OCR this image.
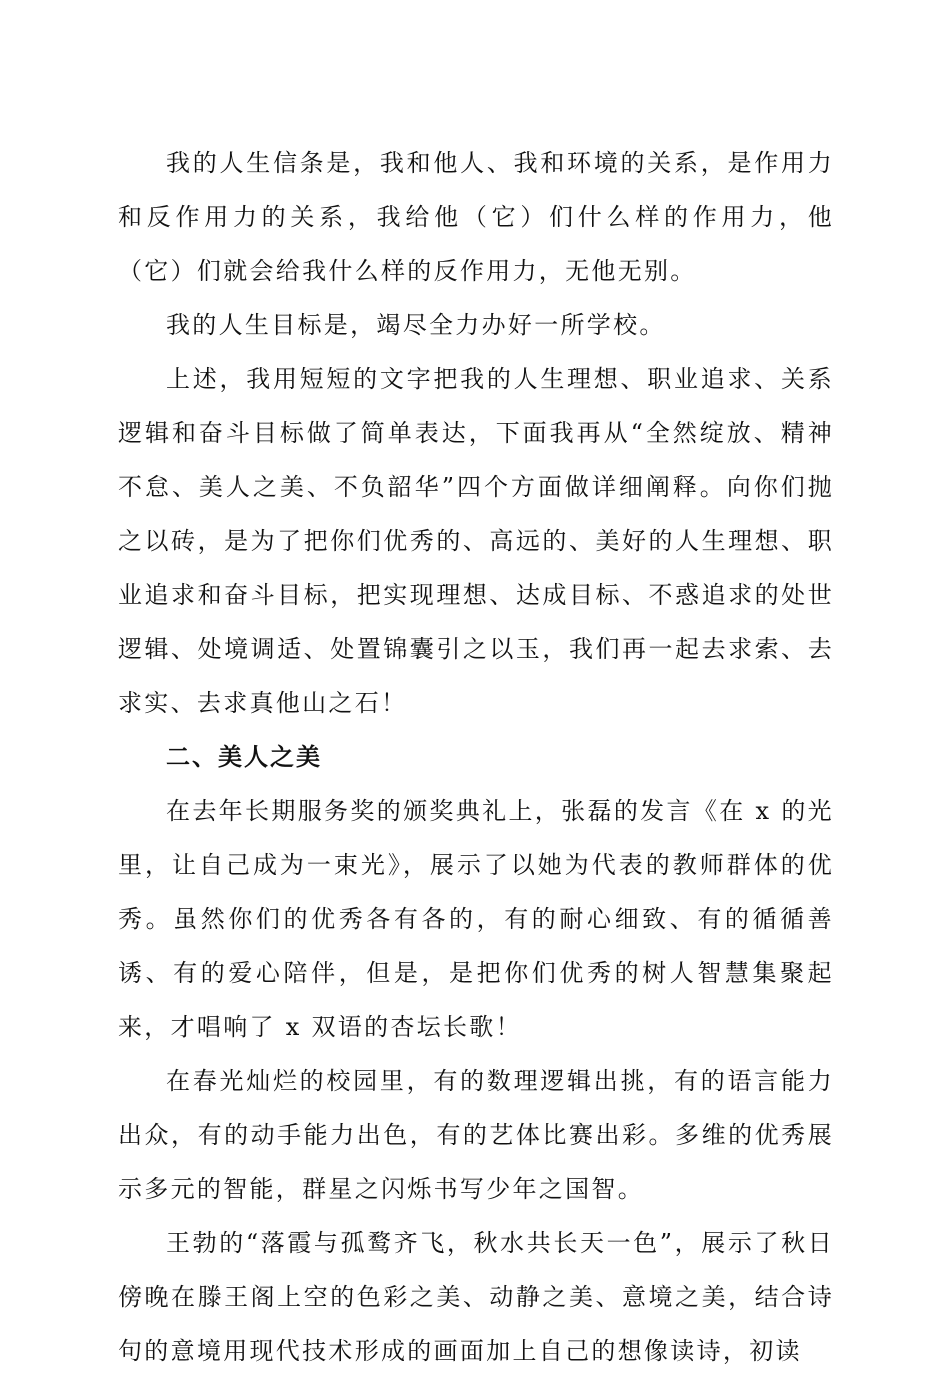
我的人生信条是，我和他人、我和环境的关系，是作用力和反作用力的关系，我给他（它）们什么样的作用力，他（它）们就会给我什么样的反作用力，无他无别。

我的人生目标是，竭尽全力办好一所学校。

上述，我用短短的文字把我的人生理想、职业追求、关系逻辑和奋斗目标做了简单表达，下面我再从“全然绽放、精神不怠、美人之美、不负韶华”四个方面做详细阐释。向你们抛之以砖，是为了把你们优秀的、高远的、美好的人生理想、职业追求和奋斗目标，把实现理想、达成目标、不惑追求的处世逻辑、处境调适、处置锦囊引之以玉，我们再一起去求索、去求实、去求真他山之石！

二、美人之美

在去年长期服务奖的颁奖典礼上，张磊的发言《在 x 的光里，让自己成为一束光》，展示了以她为代表的教师群体的优秀。虽然你们的优秀各有各的，有的耐心细致、有的循循善诱、有的爱心陪伴，但是，是把你们优秀的树人智慧集聚起来，才唱响了 x 双语的杏坛长歌！

在春光灿烂的校园里，有的数理逻辑出挑，有的语言能力出众，有的动手能力出色，有的艺体比赛出彩。多维的优秀展示多元的智能，群星之闪烁书写少年之国智。

王勃的“落霞与孤鹜齐飞，秋水共长天一色”，展示了秋日傍晚在滕王阁上空的色彩之美、动静之美、意境之美，结合诗句的意境用现代技术形成的画面加上自己的想像读诗，初读
